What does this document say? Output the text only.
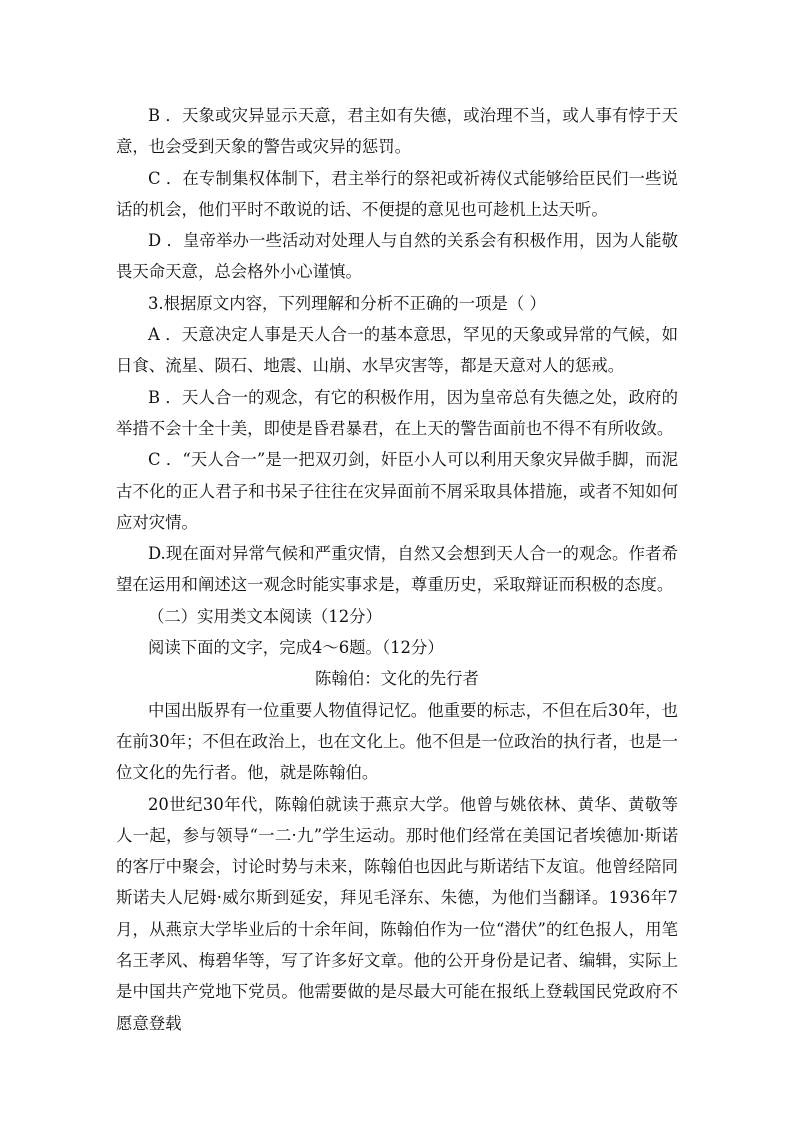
B ．天象或灾异显示天意，君主如有失德，或治理不当，或人事有悖于天意，也会受到天象的警告或灾异的惩罚。

C ．在专制集权体制下，君主举行的祭祀或祈祷仪式能够给臣民们一些说话的机会，他们平时不敢说的话、不便提的意见也可趁机上达天听。

D ．皇帝举办一些活动对处理人与自然的关系会有积极作用，因为人能敬畏天命天意，总会格外小心谨慎。

3.根据原文内容，下列理解和分析不正确的一项是（ ）

A ．天意决定人事是天人合一的基本意思，罕见的天象或异常的气候，如日食、流星、陨石、地震、山崩、水旱灾害等，都是天意对人的惩戒。

B ．天人合一的观念，有它的积极作用，因为皇帝总有失德之处，政府的举措不会十全十美，即使是昏君暴君，在上天的警告面前也不得不有所收敛。

C ．“天人合一”是一把双刃剑，奸臣小人可以利用天象灾异做手脚，而泥古不化的正人君子和书呆子往往在灾异面前不屑采取具体措施，或者不知如何应对灾情。

D.现在面对异常气候和严重灾情，自然又会想到天人合一的观念。作者希望在运用和阐述这一观念时能实事求是，尊重历史，采取辩证而积极的态度。

（二）实用类文本阅读（12分）

阅读下面的文字，完成4～6题。（12分）

陈翰伯：文化的先行者

中国出版界有一位重要人物值得记忆。他重要的标志，不但在后30年，也在前30年；不但在政治上，也在文化上。他不但是一位政治的执行者，也是一位文化的先行者。他，就是陈翰伯。

20世纪30年代，陈翰伯就读于燕京大学。他曾与姚依林、黄华、黄敬等人一起，参与领导“一二·九”学生运动。那时他们经常在美国记者埃德加·斯诺的客厅中聚会，讨论时势与未来，陈翰伯也因此与斯诺结下友谊。他曾经陪同斯诺夫人尼姆·威尔斯到延安，拜见毛泽东、朱德，为他们当翻译。1936年7月，从燕京大学毕业后的十余年间，陈翰伯作为一位“潜伏”的红色报人，用笔名王孝风、梅碧华等，写了许多好文章。他的公开身份是记者、编辑，实际上是中国共产党地下党员。他需要做的是尽最大可能在报纸上登载国民党政府不愿意登载
